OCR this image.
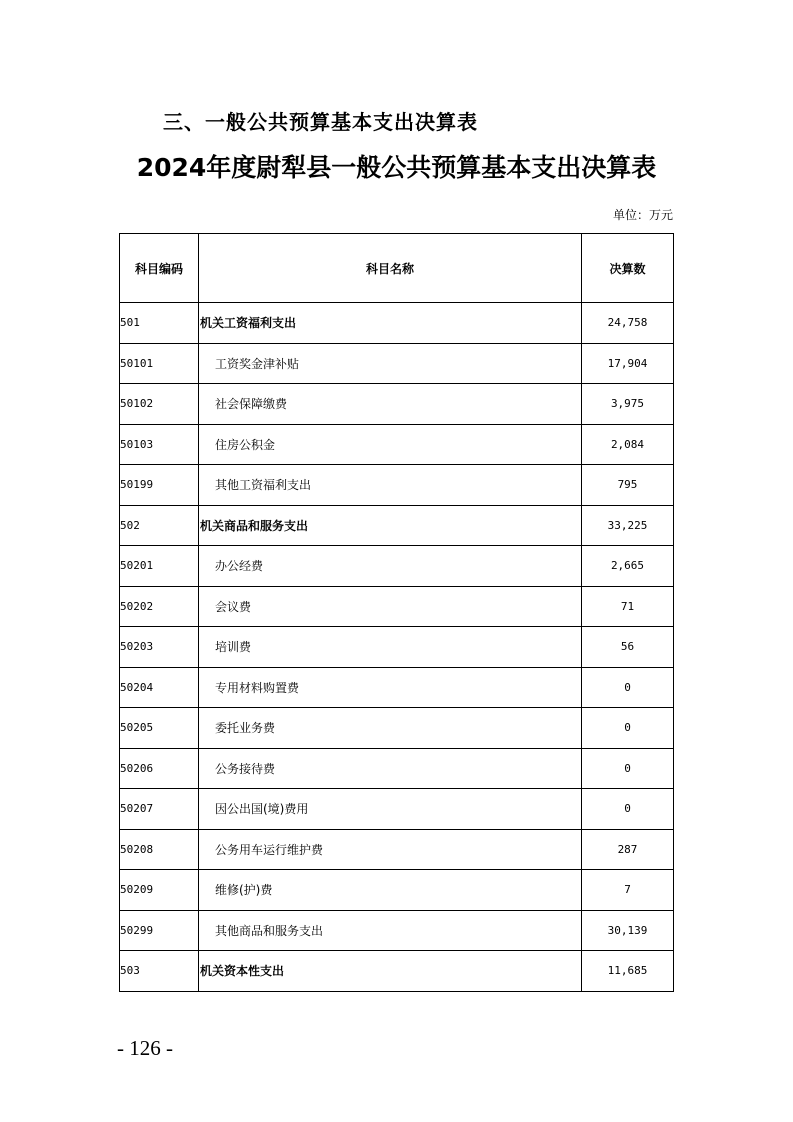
三、一般公共预算基本支出决算表
2024年度尉犁县一般公共预算基本支出决算表
单位：万元
科目编码	科目名称	决算数
501	机关工资福利支出	24,758
50101	工资奖金津补贴	17,904
50102	社会保障缴费	3,975
50103	住房公积金	2,084
50199	其他工资福利支出	795
502	机关商品和服务支出	33,225
50201	办公经费	2,665
50202	会议费	71
50203	培训费	56
50204	专用材料购置费	0
50205	委托业务费	0
50206	公务接待费	0
50207	因公出国(境)费用	0
50208	公务用车运行维护费	287
50209	维修(护)费	7
50299	其他商品和服务支出	30,139
503	机关资本性支出	11,685
- 126 -
